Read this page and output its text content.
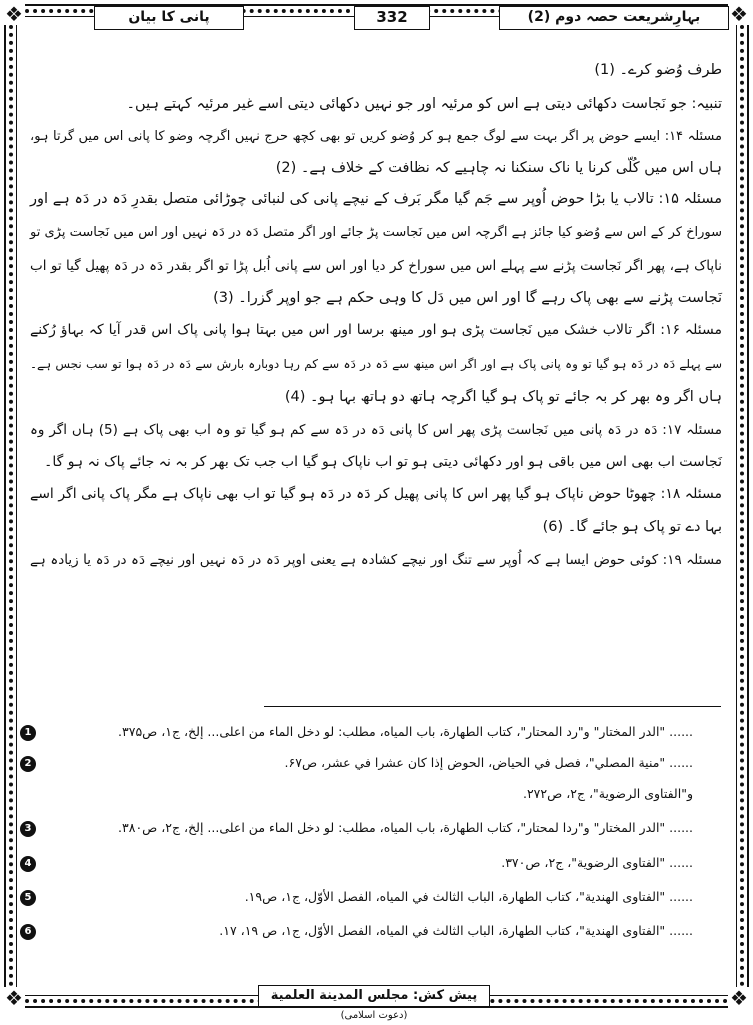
❖	❖
❖	❖
بہارِشریعت حصہ دوم (2)
332
پانی کا بیان
طرف وُضو کرے۔ (1)
تنبیہ: جو نَجاست دکھائی دیتی ہے اس کو مرئیہ اور جو نہیں دکھائی دیتی اسے غیر مرئیہ کہتے ہیں۔
مسئلہ ۱۴: ایسے حوض پر اگر بہت سے لوگ جمع ہو کر وُضو کریں تو بھی کچھ حرج نہیں اگرچہ وضو کا پانی اس میں گرتا ہو،
ہاں اس میں کُلّی کرنا یا ناک سنکنا نہ چاہیے کہ نظافت کے خلاف ہے۔ (2)
مسئلہ ۱۵: تالاب یا بڑا حوض اُوپر سے جَم گیا مگر بَرف کے نیچے پانی کی لنبائی چوڑائی متصل بقدرِ دَہ در دَہ ہے اور
سوراخ کر کے اس سے وُضو کیا جائز ہے اگرچہ اس میں نَجاست پڑ جائے اور اگر متصل دَہ در دَہ نہیں اور اس میں نَجاست پڑی تو
ناپاک ہے، پھر اگر نَجاست پڑنے سے پہلے اس میں سوراخ کر دیا اور اس سے پانی اُبل پڑا تو اگر بقدر دَہ در دَہ پھیل گیا تو اب
نَجاست پڑنے سے بھی پاک رہے گا اور اس میں دَل کا وہی حکم ہے جو اوپر گزرا۔ (3)
مسئلہ ۱۶: اگر تالاب خشک میں نَجاست پڑی ہو اور مینھ برسا اور اس میں بہتا ہوا پانی پاک اس قدر آیا کہ بہاؤ رُکنے
سے پہلے دَہ در دَہ ہو گیا تو وہ پانی پاک ہے اور اگر اس مینھ سے دَہ در دَہ سے کم رہا دوبارہ بارش سے دَہ در دَہ ہوا تو سب نجس ہے۔
ہاں اگر وہ بھر کر بہ جائے تو پاک ہو گیا اگرچہ ہاتھ دو ہاتھ بہا ہو۔ (4)
مسئلہ ۱۷: دَہ در دَہ پانی میں نَجاست پڑی پھر اس کا پانی دَہ در دَہ سے کم ہو گیا تو وہ اب بھی پاک ہے (5) ہاں اگر وہ
نَجاست اب بھی اس میں باقی ہو اور دکھائی دیتی ہو تو اب ناپاک ہو گیا اب جب تک بھر کر بہ نہ جائے پاک نہ ہو گا۔
مسئلہ ۱۸: چھوٹا حوض ناپاک ہو گیا پھر اس کا پانی پھیل کر دَہ در دَہ ہو گیا تو اب بھی ناپاک ہے مگر پاک پانی اگر اسے
بہا دے تو پاک ہو جائے گا۔ (6)
مسئلہ ۱۹: کوئی حوض ایسا ہے کہ اُوپر سے تنگ اور نیچے کشادہ ہے یعنی اوپر دَہ در دَہ نہیں اور نیچے دَہ در دَہ یا زیادہ ہے
...... "الدر المختار" و"رد المحتار"، كتاب الطهارة، باب المياه، مطلب: لو دخل الماء من اعلى... إلخ، ج۱، ص۳۷۵.
1
...... "منية المصلي"، فصل في الحياض، الحوض إذا كان عشرا في عشر، ص۶۷.
2
و"الفتاوى الرضوية"، ج۲، ص۲۷۲.
...... "الدر المختار" و"ردا لمحتار"، كتاب الطهارة، باب المياه، مطلب: لو دخل الماء من اعلى... إلخ، ج۲، ص۳۸۰.
3
...... "الفتاوى الرضوية"، ج۲، ص۳۷۰.
4
...... "الفتاوى الهندية"، كتاب الطهارة، الباب الثالث في المياه، الفصل الأوّل، ج۱، ص۱۹.
5
...... "الفتاوى الهندية"، كتاب الطهارة، الباب الثالث في المياه، الفصل الأوّل، ج۱، ص ۱۹، ۱۷.
6
پیش کش: مجلس المدينة العلمية (دعوت اسلامی)
